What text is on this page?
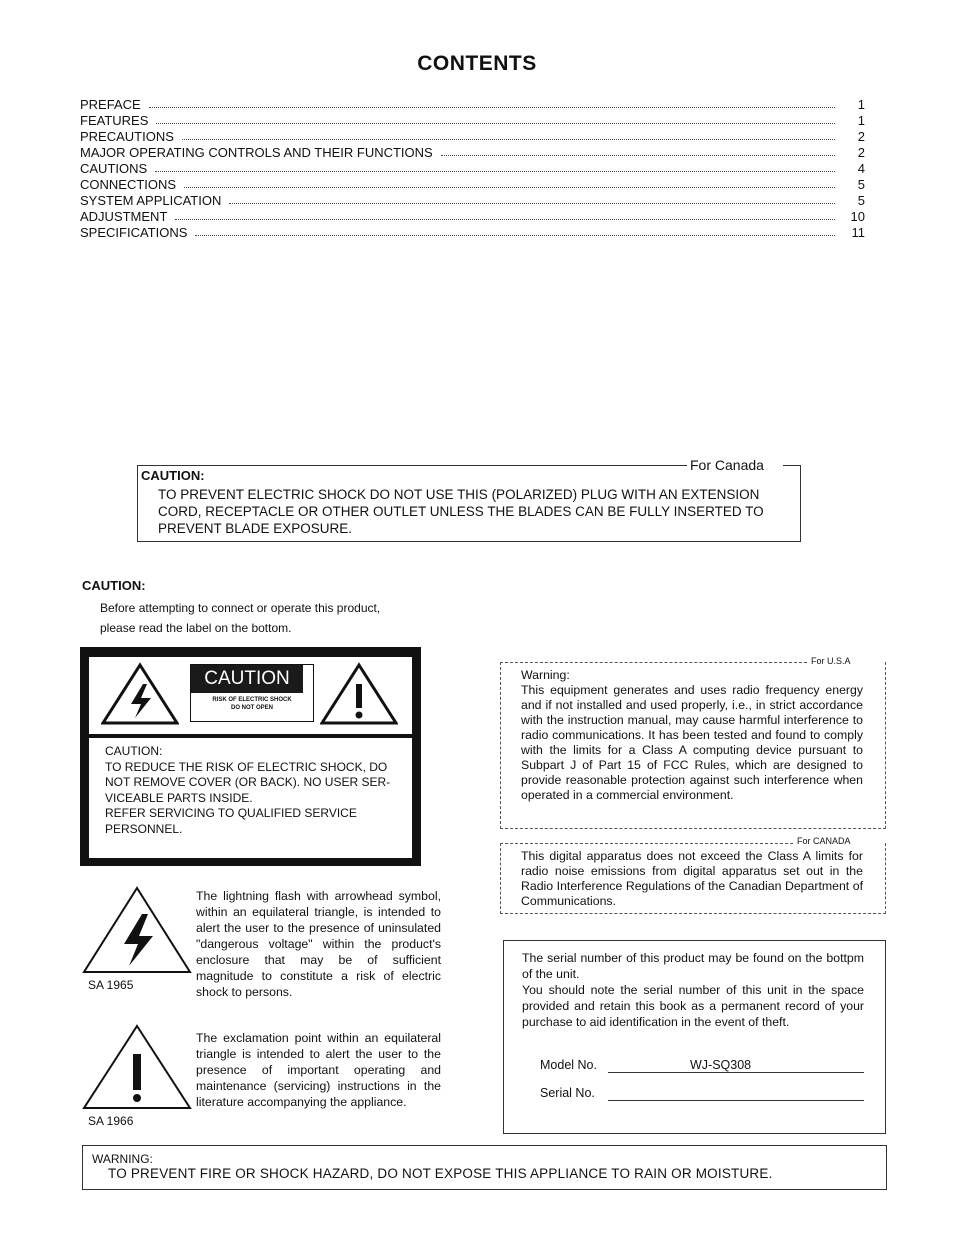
CONTENTS
PREFACE	1
FEATURES	1
PRECAUTIONS	2
MAJOR OPERATING CONTROLS AND THEIR FUNCTIONS	2
CAUTIONS	4
CONNECTIONS	5
SYSTEM APPLICATION	5
ADJUSTMENT	10
SPECIFICATIONS	11
For Canada
CAUTION:
TO PREVENT ELECTRIC SHOCK DO NOT USE THIS (POLARIZED) PLUG WITH AN EXTENSION CORD, RECEPTACLE OR OTHER OUTLET UNLESS THE BLADES CAN BE FULLY INSERTED TO PREVENT BLADE EXPOSURE.
CAUTION:
Before attempting to connect or operate this product,
please read the label on the bottom.
CAUTION
RISK OF ELECTRIC SHOCK
DO NOT OPEN
CAUTION:
TO REDUCE THE RISK OF ELECTRIC SHOCK, DO
NOT REMOVE COVER (OR BACK). NO USER SER-
VICEABLE PARTS INSIDE.
REFER SERVICING TO QUALIFIED SERVICE
PERSONNEL.
SA 1965
The lightning flash with arrowhead symbol, within an equilateral triangle, is intended to alert the user to the presence of uninsulated "dangerous voltage" within the product's enclosure that may be of sufficient magnitude to constitute a risk of electric shock to persons.
SA 1966
The exclamation point within an equilateral triangle is intended to alert the user to the presence of important operating and maintenance (servicing) instructions in the literature accompanying the appliance.
For U.S.A
Warning:
This equipment generates and uses radio frequency energy and if not installed and used properly, i.e., in strict accordance with the instruction manual, may cause harmful interference to radio communications. It has been tested and found to comply with the limits for a Class A computing device pursuant to Subpart J of Part 15 of FCC Rules, which are designed to provide reasonable protection against such interference when operated in a commercial environment.
For CANADA
This digital apparatus does not exceed the Class A limits for radio noise emissions from digital apparatus set out in the Radio Interference Regulations of the Canadian Department of Communications.
The serial number of this product may be found on the bottpm of the unit.
You should note the serial number of this unit in the space provided and retain this book as a permanent record of your purchase to aid identification in the event of theft.
Model No.	WJ-SQ308
Serial No.
WARNING:
TO PREVENT FIRE OR SHOCK HAZARD, DO NOT EXPOSE THIS APPLIANCE TO RAIN OR MOISTURE.
